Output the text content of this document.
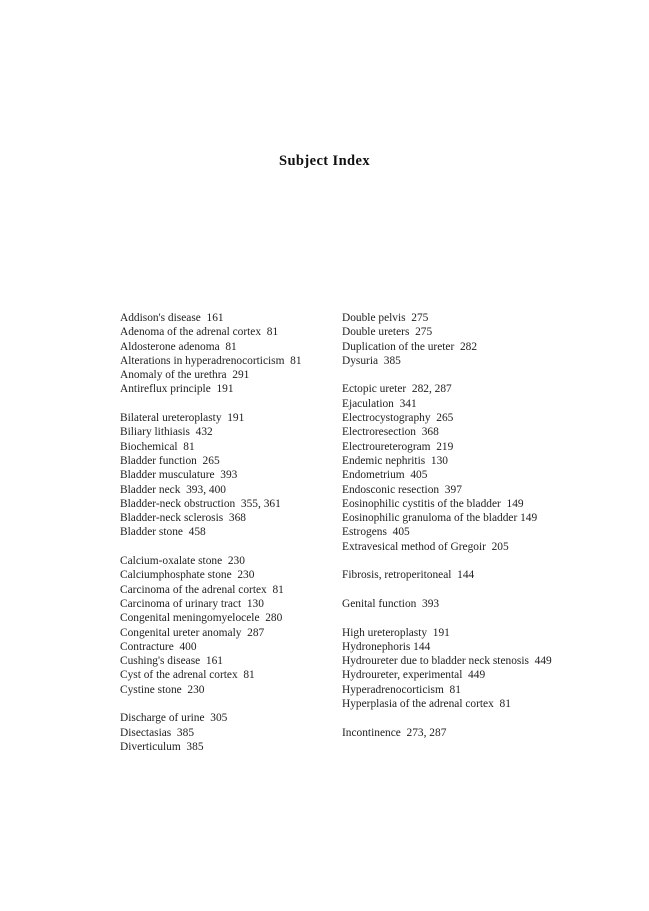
Subject Index
Addison's disease  161
Adenoma of the adrenal cortex  81
Aldosterone adenoma  81
Alterations in hyperadrenocorticism  81
Anomaly of the urethra  291
Antireflux principle  191
Bilateral ureteroplasty  191
Biliary lithiasis  432
Biochemical  81
Bladder function  265
Bladder musculature  393
Bladder neck  393, 400
Bladder-neck obstruction  355, 361
Bladder-neck sclerosis  368
Bladder stone  458
Calcium-oxalate stone  230
Calciumphosphate stone  230
Carcinoma of the adrenal cortex  81
Carcinoma of urinary tract  130
Congenital meningomyelocele  280
Congenital ureter anomaly  287
Contracture  400
Cushing's disease  161
Cyst of the adrenal cortex  81
Cystine stone  230
Discharge of urine  305
Disectasias  385
Diverticulum  385
Double pelvis  275
Double ureters  275
Duplication of the ureter  282
Dysuria  385
Ectopic ureter  282, 287
Ejaculation  341
Electrocystography  265
Electroresection  368
Electroureterogram  219
Endemic nephritis  130
Endometrium  405
Endosconic resection  397
Eosinophilic cystitis of the bladder  149
Eosinophilic granuloma of the bladder 149
Estrogens  405
Extravesical method of Gregoir  205
Fibrosis, retroperitoneal  144
Genital function  393
High ureteroplasty  191
Hydronephoris 144
Hydroureter due to bladder neck stenosis  449
Hydroureter, experimental  449
Hyperadrenocorticism  81
Hyperplasia of the adrenal cortex  81
Incontinence  273, 287
